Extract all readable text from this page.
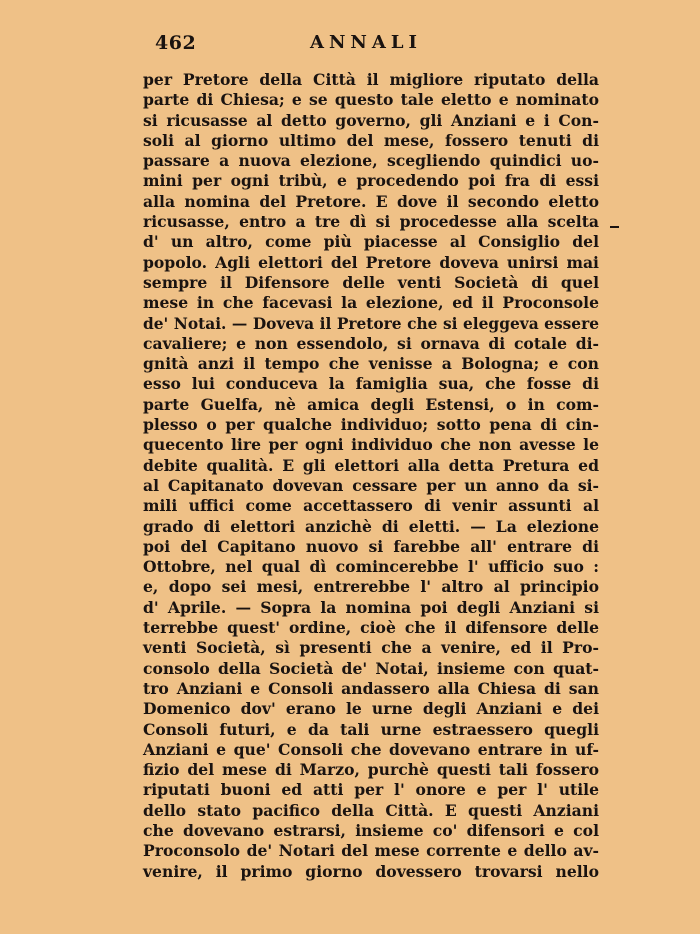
462	ANNALI
per Pretore della Città il migliore riputato della
parte di Chiesa; e se questo tale eletto e nominato
si ricusasse al detto governo, gli Anziani e i Con-
soli al giorno ultimo del mese, fossero tenuti di
passare a nuova elezione, scegliendo quindici uo-
mini per ogni tribù, e procedendo poi fra di essi
alla nomina del Pretore. E dove il secondo eletto
ricusasse, entro a tre dì si procedesse alla scelta
d' un altro, come più piacesse al Consiglio del
popolo. Agli elettori del Pretore doveva unirsi mai
sempre il Difensore delle venti Società di quel
mese in che facevasi la elezione, ed il Proconsole
de' Notai. — Doveva il Pretore che si eleggeva essere
cavaliere; e non essendolo, si ornava di cotale di-
gnità anzi il tempo che venisse a Bologna; e con
esso lui conduceva la famiglia sua, che fosse di
parte Guelfa, nè amica degli Estensi, o in com-
plesso o per qualche individuo; sotto pena di cin-
quecento lire per ogni individuo che non avesse le
debite qualità. E gli elettori alla detta Pretura ed
al Capitanato dovevan cessare per un anno da si-
mili uffici come accettassero di venir assunti al
grado di elettori anzichè di eletti. — La elezione
poi del Capitano nuovo si farebbe all' entrare di
Ottobre, nel qual dì comincerebbe l' ufficio suo :
e, dopo sei mesi, entrerebbe l' altro al principio
d' Aprile. — Sopra la nomina poi degli Anziani si
terrebbe quest' ordine, cioè che il difensore delle
venti Società, sì presenti che a venire, ed il Pro-
consolo della Società de' Notai, insieme con quat-
tro Anziani e Consoli andassero alla Chiesa di san
Domenico dov' erano le urne degli Anziani e dei
Consoli futuri, e da tali urne estraessero quegli
Anziani e que' Consoli che dovevano entrare in uf-
fizio del mese di Marzo, purchè questi tali fossero
riputati buoni ed atti per l' onore e per l' utile
dello stato pacifico della Città. E questi Anziani
che dovevano estrarsi, insieme co' difensori e col
Proconsolo de' Notari del mese corrente e dello av-
venire, il primo giorno dovessero trovarsi nello
